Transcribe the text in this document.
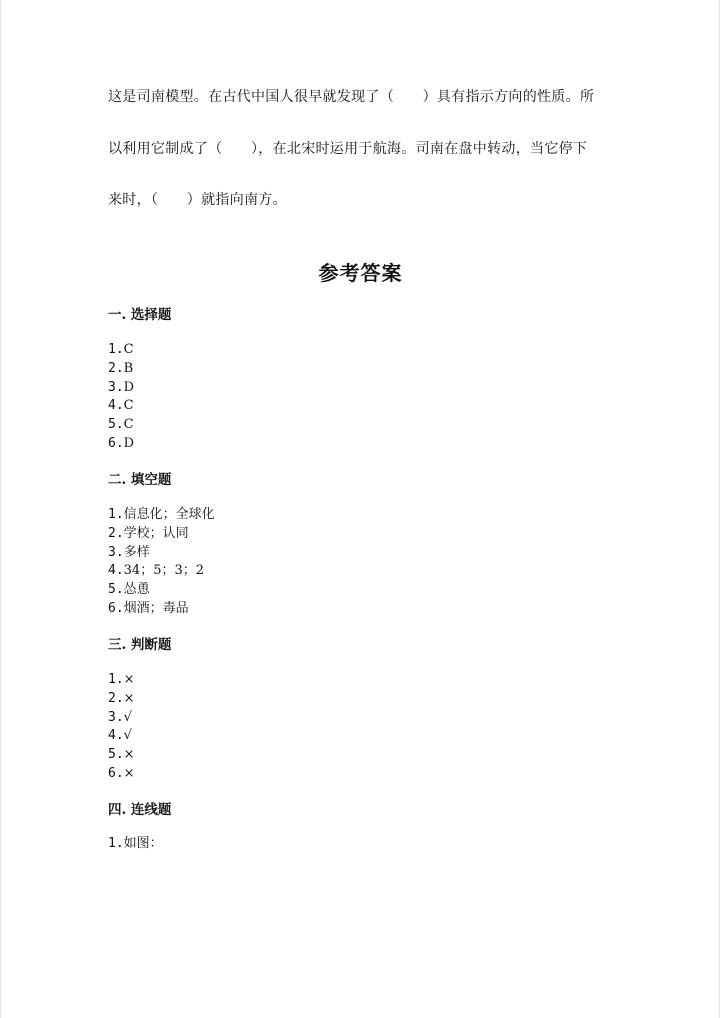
这是司南模型。在古代中国人很早就发现了（　　）具有指示方向的性质。所
以利用它制成了（　　），在北宋时运用于航海。司南在盘中转动，当它停下
来时，（　　）就指向南方。
参考答案
一. 选择题
1.C
2.B
3.D
4.C
5.C
6.D
二. 填空题
1.信息化；全球化
2.学校；认同
3.多样
4.34；5；3；2
5.怂恿
6.烟酒；毒品
三. 判断题
1.×
2.×
3.√
4.√
5.×
6.×
四. 连线题
1.如图：
